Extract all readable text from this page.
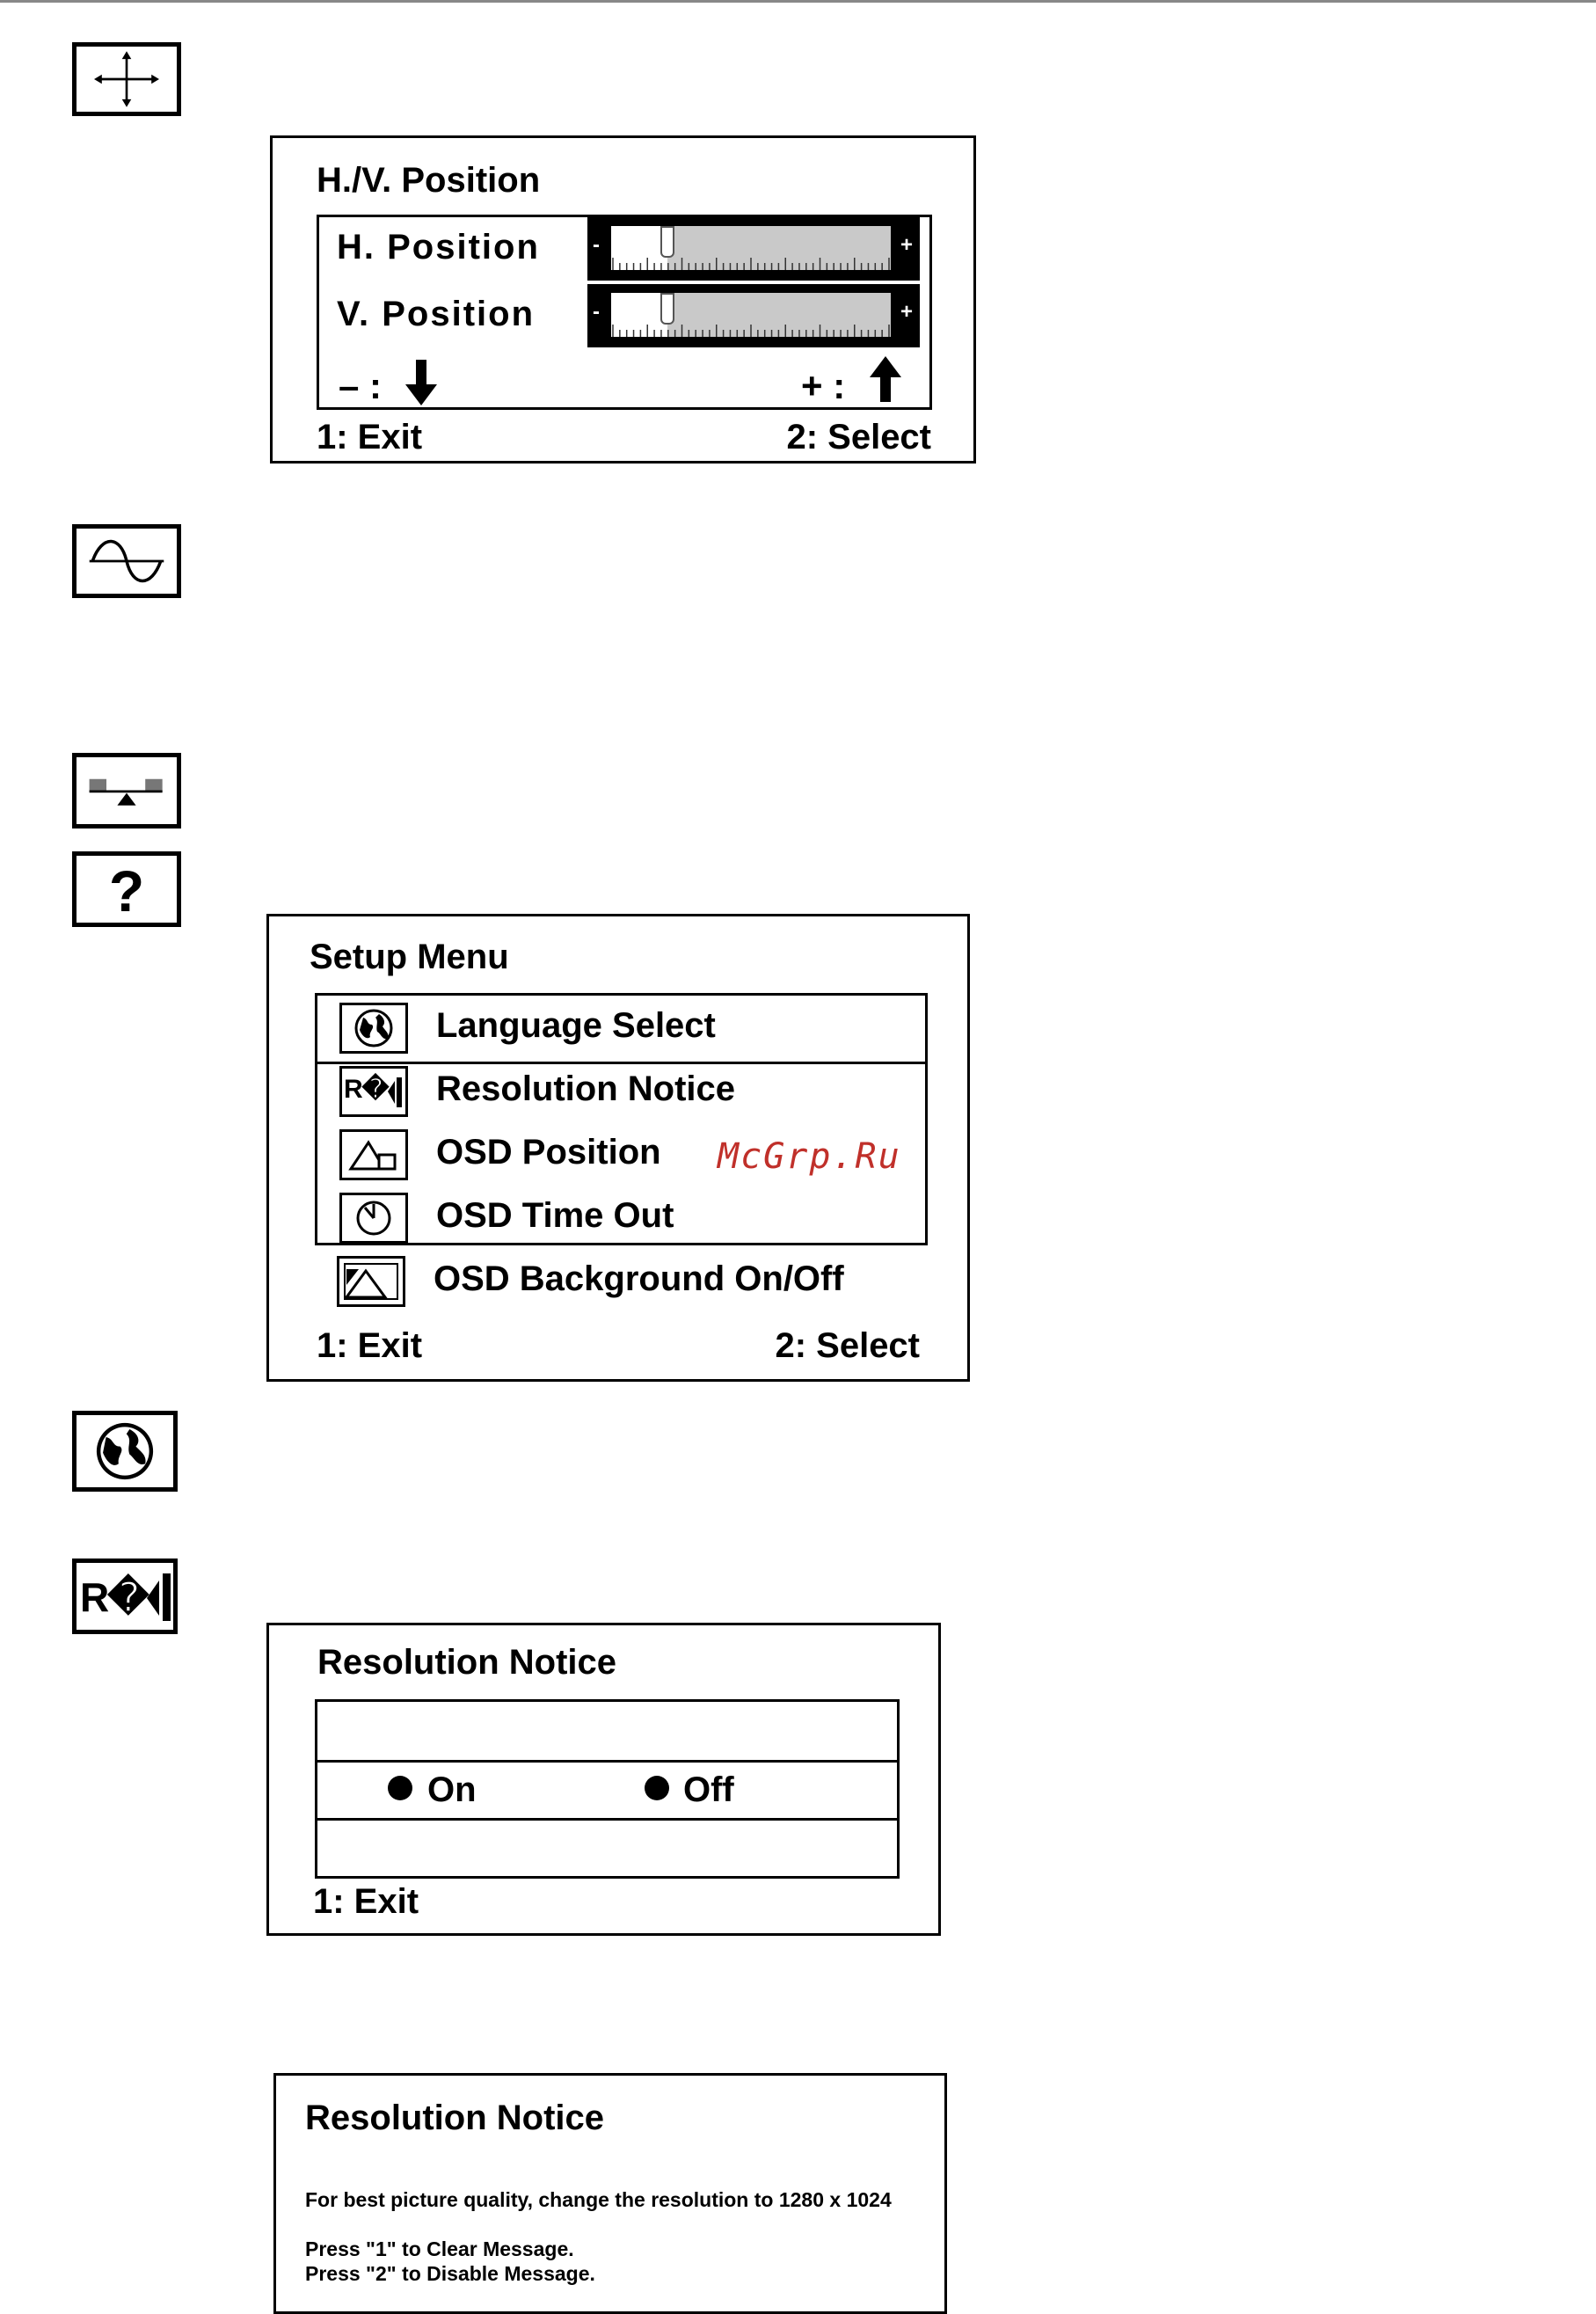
H./V. Position
H. Position
V. Position
-	+
-	+
– :	+ :
1: Exit	2: Select
?
Setup Menu
Language Select
R� Resolution Notice
OSD Position
OSD Time Out
OSD Background On/Off
McGrp.Ru
1: Exit	2: Select
R�
Resolution Notice
On	Off
1: Exit
Resolution Notice
For best picture quality, change the resolution to 1280 x 1024
Press "1" to Clear Message.
Press "2" to Disable Message.
